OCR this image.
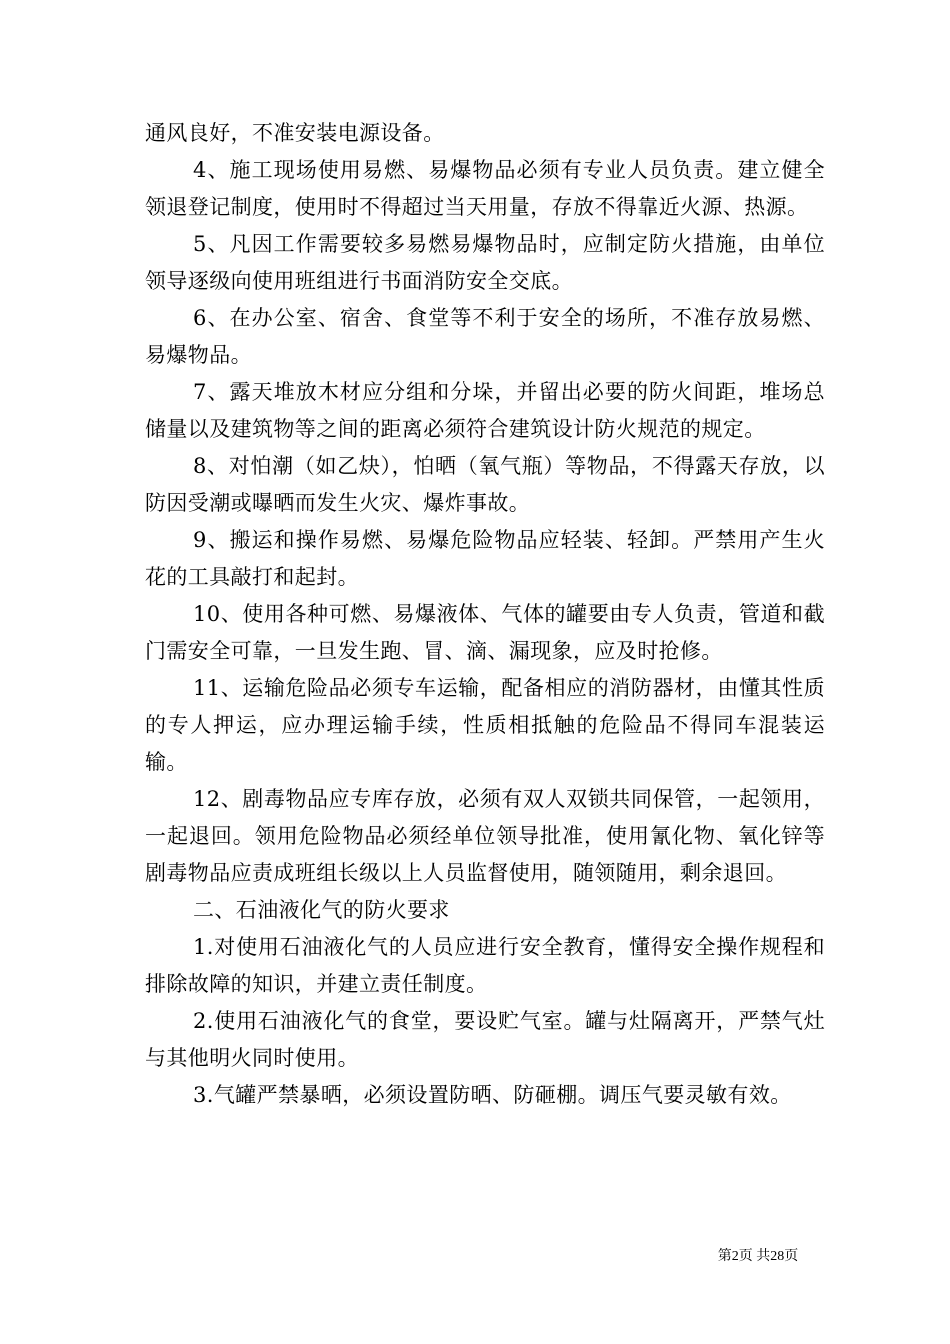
通风良好，不准安装电源设备。

4、施工现场使用易燃、易爆物品必须有专业人员负责。建立健全领退登记制度，使用时不得超过当天用量，存放不得靠近火源、热源。

5、凡因工作需要较多易燃易爆物品时，应制定防火措施，由单位领导逐级向使用班组进行书面消防安全交底。

6、在办公室、宿舍、食堂等不利于安全的场所，不准存放易燃、易爆物品。

7、露天堆放木材应分组和分垛，并留出必要的防火间距，堆场总储量以及建筑物等之间的距离必须符合建筑设计防火规范的规定。

8、对怕潮（如乙炔），怕晒（氧气瓶）等物品，不得露天存放，以防因受潮或曝晒而发生火灾、爆炸事故。

9、搬运和操作易燃、易爆危险物品应轻装、轻卸。严禁用产生火花的工具敲打和起封。

10、使用各种可燃、易爆液体、气体的罐要由专人负责，管道和截门需安全可靠，一旦发生跑、冒、滴、漏现象，应及时抢修。

11、运输危险品必须专车运输，配备相应的消防器材，由懂其性质的专人押运，应办理运输手续，性质相抵触的危险品不得同车混装运输。

12、剧毒物品应专库存放，必须有双人双锁共同保管，一起领用，一起退回。领用危险物品必须经单位领导批准，使用氰化物、氧化锌等剧毒物品应责成班组长级以上人员监督使用，随领随用，剩余退回。

二、石油液化气的防火要求

1.对使用石油液化气的人员应进行安全教育，懂得安全操作规程和排除故障的知识，并建立责任制度。

2.使用石油液化气的食堂，要设贮气室。罐与灶隔离开，严禁气灶与其他明火同时使用。

3.气罐严禁暴晒，必须设置防晒、防砸棚。调压气要灵敏有效。

第2页 共28页
